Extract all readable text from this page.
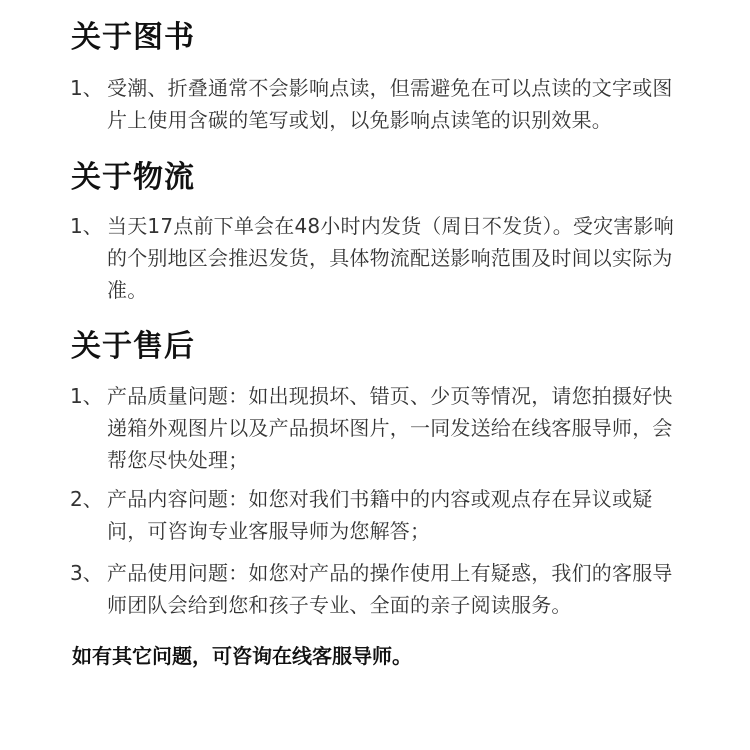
关于图书
1、 受潮、折叠通常不会影响点读，但需避免在可以点读的文字或图片上使用含碳的笔写或划，以免影响点读笔的识别效果。
关于物流
1、 当天17点前下单会在48小时内发货（周日不发货）。受灾害影响的个别地区会推迟发货，具体物流配送影响范围及时间以实际为准。
关于售后
1、 产品质量问题：如出现损坏、错页、少页等情况，请您拍摄好快递箱外观图片以及产品损坏图片，一同发送给在线客服导师，会帮您尽快处理；
2、 产品内容问题：如您对我们书籍中的内容或观点存在异议或疑问，可咨询专业客服导师为您解答；
3、 产品使用问题：如您对产品的操作使用上有疑惑，我们的客服导师团队会给到您和孩子专业、全面的亲子阅读服务。
如有其它问题，可咨询在线客服导师。
